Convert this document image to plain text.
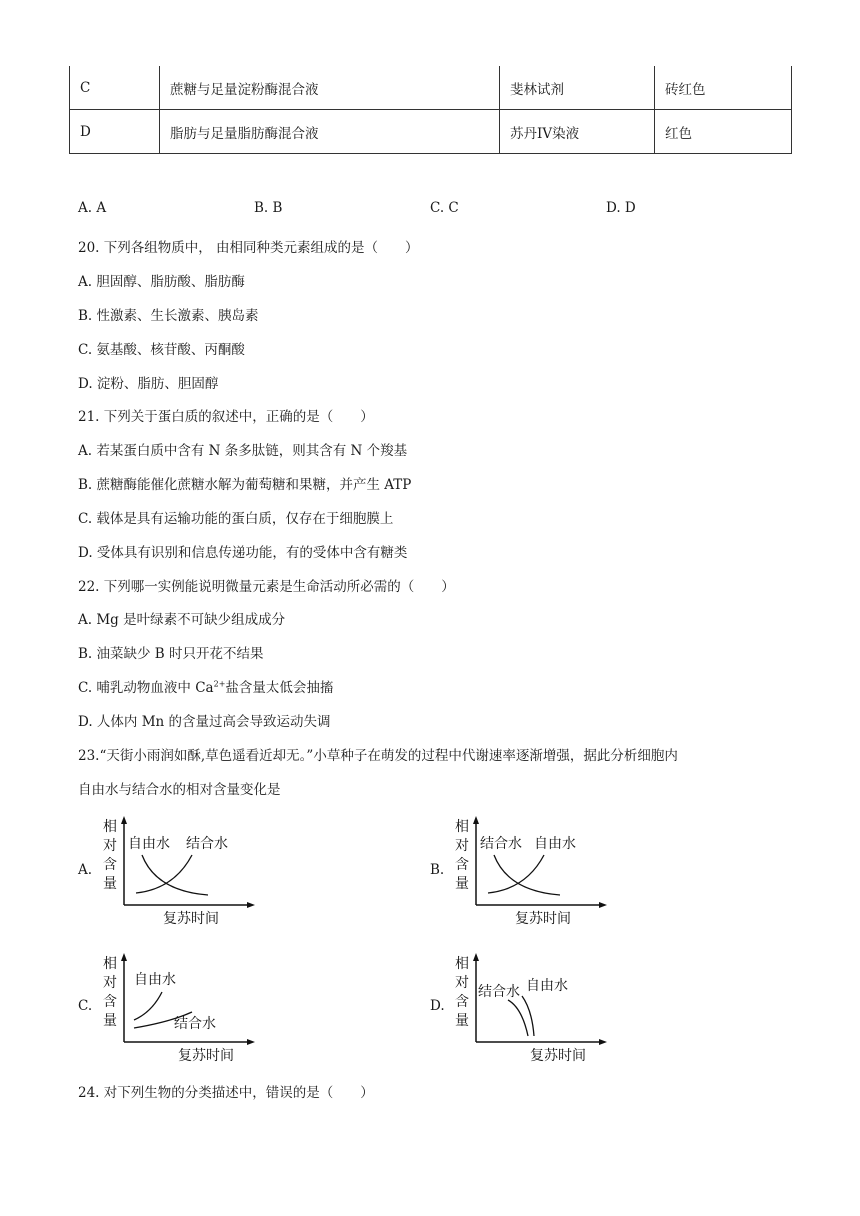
C	蔗糖与足量淀粉酶混合液	斐林试剂	砖红色
D	脂肪与足量脂肪酶混合液	苏丹IV染液	红色
A. A	B. B	C. C	D. D
20. 下列各组物质中， 由相同种类元素组成的是（　　）
A. 胆固醇、脂肪酸、脂肪酶
B. 性激素、生长激素、胰岛素
C. 氨基酸、核苷酸、丙酮酸
D. 淀粉、脂肪、胆固醇
21. 下列关于蛋白质的叙述中，正确的是（　　）
A. 若某蛋白质中含有 N 条多肽链，则其含有 N 个羧基
B. 蔗糖酶能催化蔗糖水解为葡萄糖和果糖，并产生 ATP
C. 载体是具有运输功能的蛋白质，仅存在于细胞膜上
D. 受体具有识别和信息传递功能，有的受体中含有糖类
22. 下列哪一实例能说明微量元素是生命活动所必需的（　　）
A. Mg 是叶绿素不可缺少组成成分
B. 油菜缺少 B 时只开花不结果
C. 哺乳动物血液中 $Ca^{2+}$盐含量太低会抽搐
D. 人体内 Mn 的含量过高会导致运动失调
23.“天街小雨润如酥,草色遥看近却无。”小草种子在萌发的过程中代谢速率逐渐增强，据此分析细胞内
自由水与结合水的相对含量变化是
A.	B.
C.	D.
相
对
含
量
自由水 结合水
复苏时间
相
对
含
量
结合水 自由水
复苏时间
相
对
含
量
自由水
结合水
复苏时间
相
对
含
量
结合水 自由水
复苏时间
24. 对下列生物的分类描述中，错误的是（　　）
